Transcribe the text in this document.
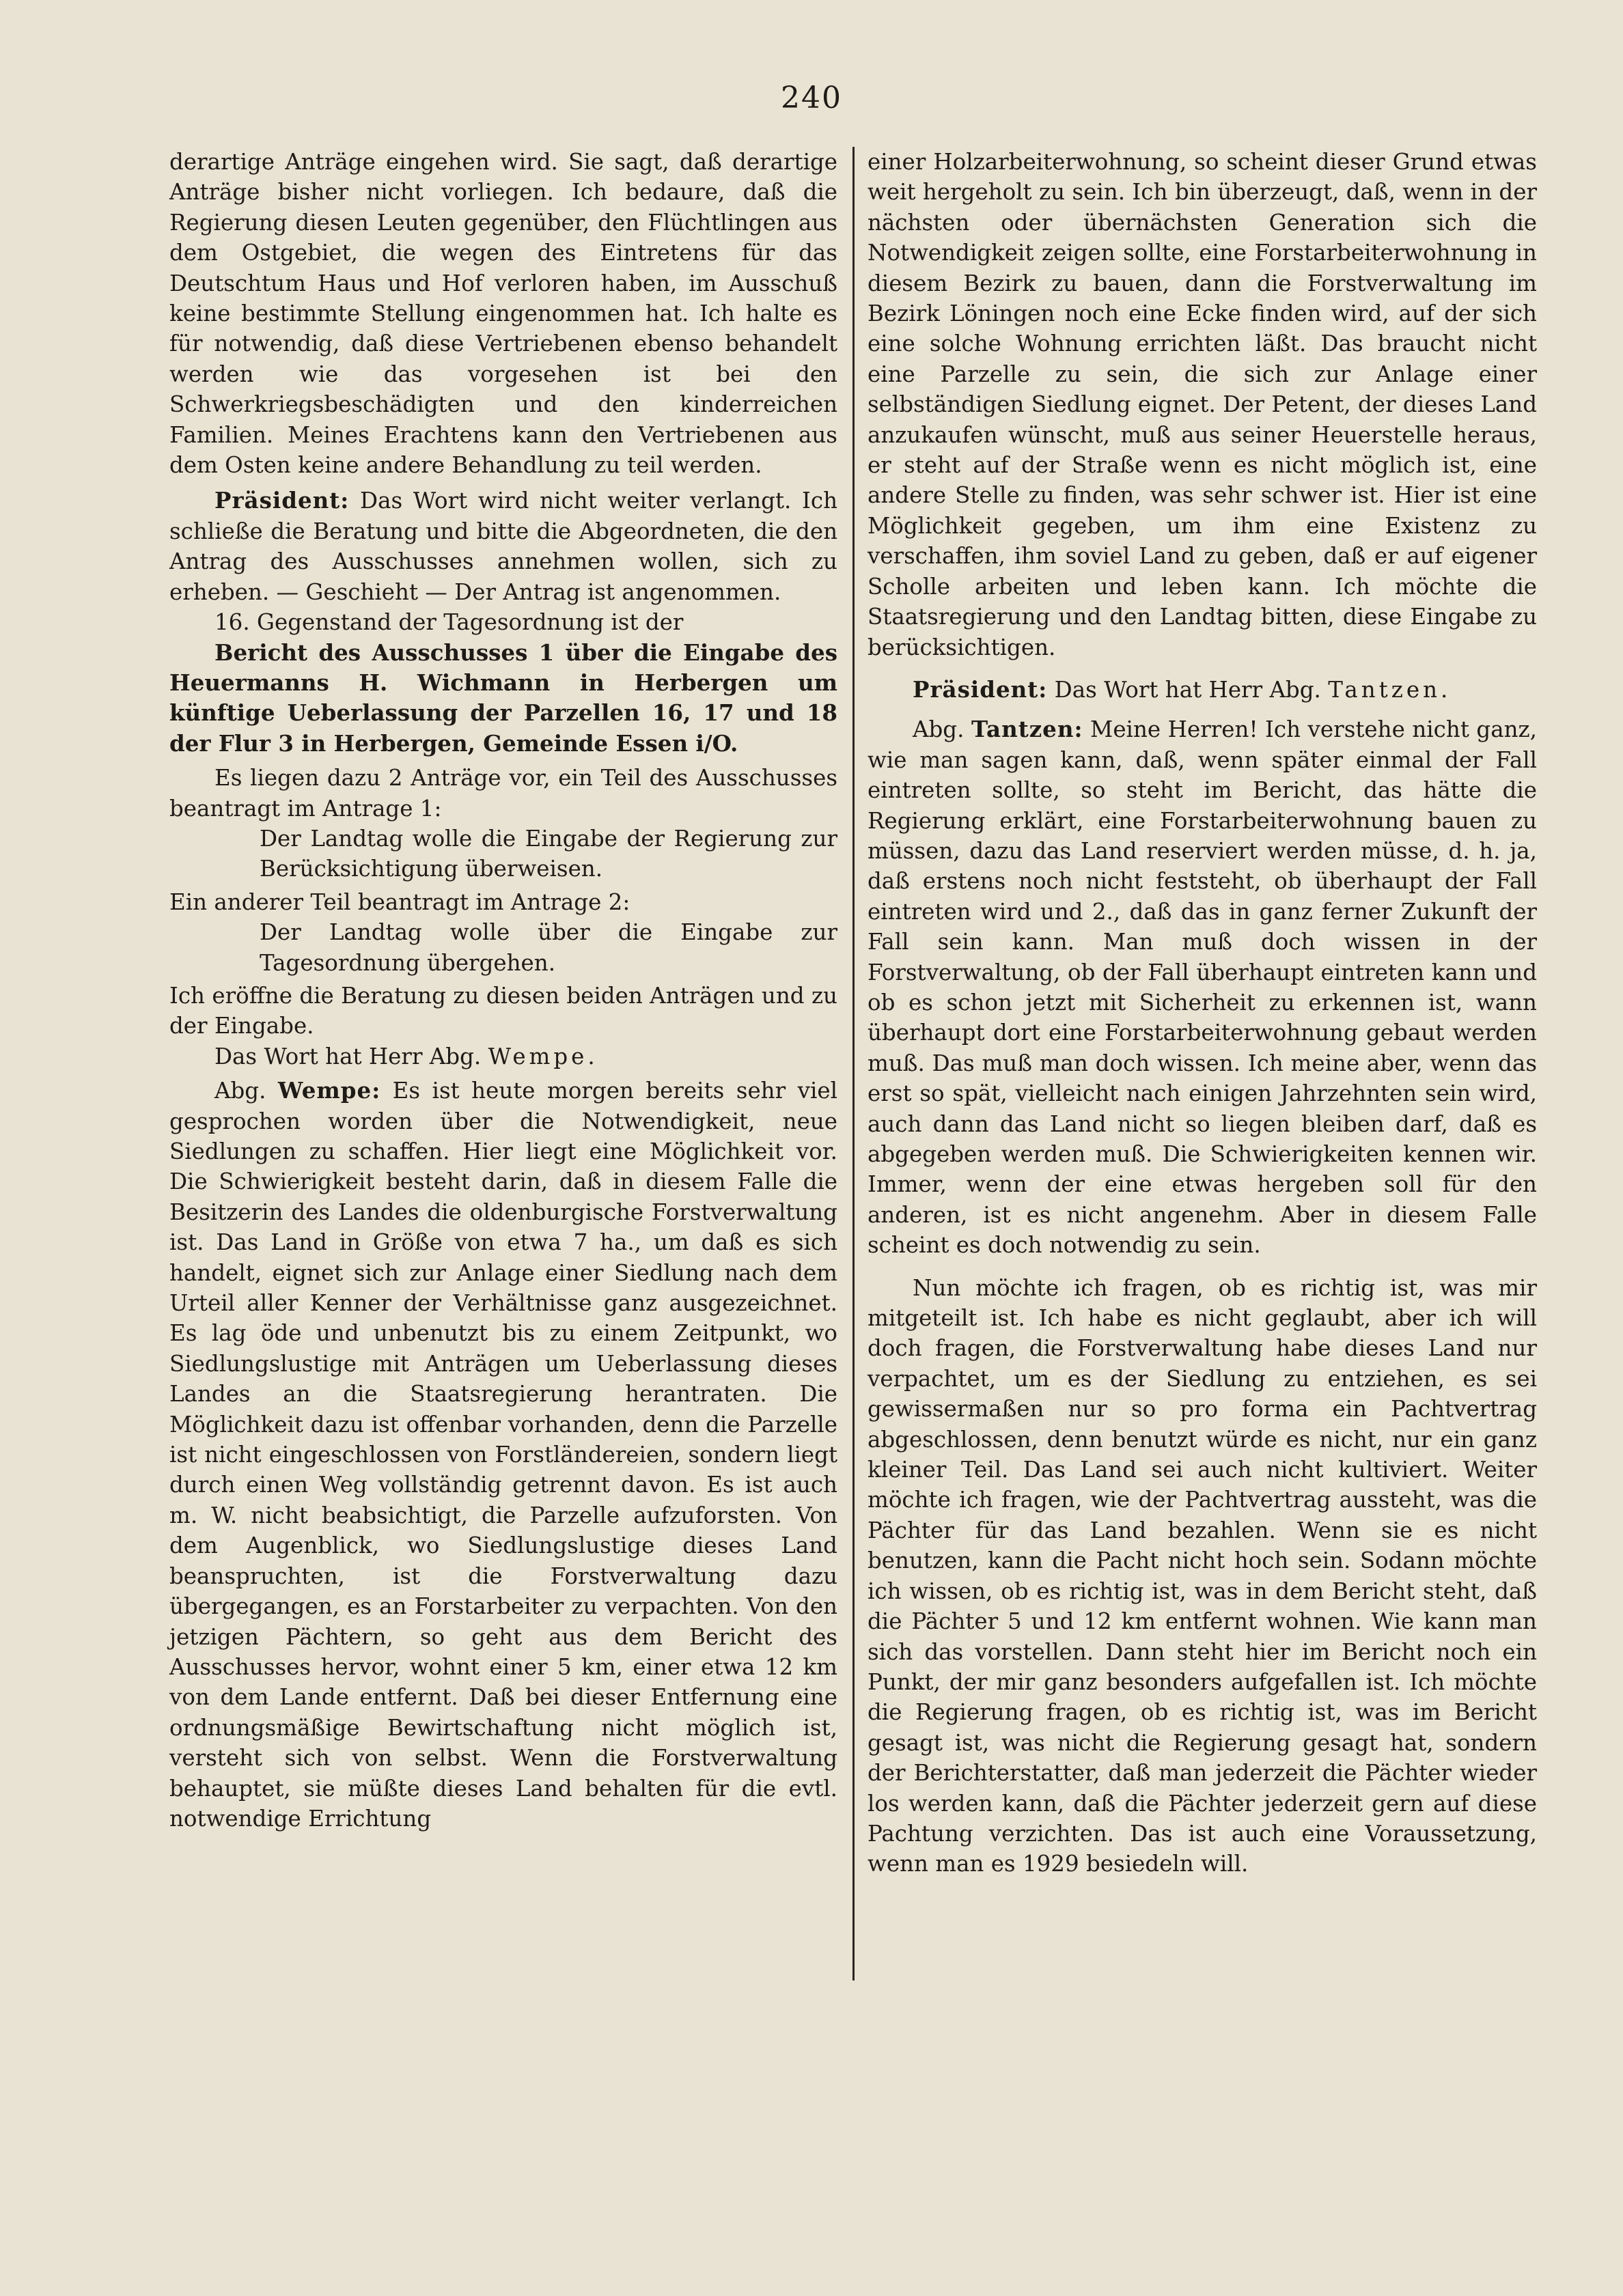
240

derartige Anträge eingehen wird. Sie sagt, daß derartige Anträge bisher nicht vorliegen. Ich bedaure, daß die Regierung diesen Leuten gegenüber, den Flüchtlingen aus dem Ostgebiet, die wegen des Eintretens für das Deutschtum Haus und Hof verloren haben, im Ausschuß keine bestimmte Stellung eingenommen hat. Ich halte es für notwendig, daß diese Vertriebenen ebenso behandelt werden wie das vorgesehen ist bei den Schwerkriegsbeschädigten und den kinderreichen Familien. Meines Erachtens kann den Vertriebenen aus dem Osten keine andere Behandlung zu teil werden.

Präsident: Das Wort wird nicht weiter verlangt. Ich schließe die Beratung und bitte die Abgeordneten, die den Antrag des Ausschusses annehmen wollen, sich zu erheben. — Geschieht — Der Antrag ist angenommen.

16. Gegenstand der Tagesordnung ist der

Bericht des Ausschusses 1 über die Eingabe des Heuermanns H. Wichmann in Herbergen um künftige Ueberlassung der Parzellen 16, 17 und 18 der Flur 3 in Herbergen, Gemeinde Essen i/O.

Es liegen dazu 2 Anträge vor, ein Teil des Ausschusses beantragt im Antrage 1:

Der Landtag wolle die Eingabe der Regierung zur Berücksichtigung überweisen.

Ein anderer Teil beantragt im Antrage 2:

Der Landtag wolle über die Eingabe zur Tagesordnung übergehen.

Ich eröffne die Beratung zu diesen beiden Anträgen und zu der Eingabe.

Das Wort hat Herr Abg. Wempe.

Abg. Wempe: Es ist heute morgen bereits sehr viel gesprochen worden über die Notwendigkeit, neue Siedlungen zu schaffen. Hier liegt eine Möglichkeit vor. Die Schwierigkeit besteht darin, daß in diesem Falle die Besitzerin des Landes die oldenburgische Forstverwaltung ist. Das Land in Größe von etwa 7 ha., um daß es sich handelt, eignet sich zur Anlage einer Siedlung nach dem Urteil aller Kenner der Verhältnisse ganz ausgezeichnet. Es lag öde und unbenutzt bis zu einem Zeitpunkt, wo Siedlungslustige mit Anträgen um Ueberlassung dieses Landes an die Staatsregierung herantraten. Die Möglichkeit dazu ist offenbar vorhanden, denn die Parzelle ist nicht eingeschlossen von Forstländereien, sondern liegt durch einen Weg vollständig getrennt davon. Es ist auch m. W. nicht beabsichtigt, die Parzelle aufzuforsten. Von dem Augenblick, wo Siedlungslustige dieses Land beanspruchten, ist die Forstverwaltung dazu übergegangen, es an Forstarbeiter zu verpachten. Von den jetzigen Pächtern, so geht aus dem Bericht des Ausschusses hervor, wohnt einer 5 km, einer etwa 12 km von dem Lande entfernt. Daß bei dieser Entfernung eine ordnungsmäßige Bewirtschaftung nicht möglich ist, versteht sich von selbst. Wenn die Forstverwaltung behauptet, sie müßte dieses Land behalten für die evtl. notwendige Errichtung

einer Holzarbeiterwohnung, so scheint dieser Grund etwas weit hergeholt zu sein. Ich bin überzeugt, daß, wenn in der nächsten oder übernächsten Generation sich die Notwendigkeit zeigen sollte, eine Forstarbeiterwohnung in diesem Bezirk zu bauen, dann die Forstverwaltung im Bezirk Löningen noch eine Ecke finden wird, auf der sich eine solche Wohnung errichten läßt. Das braucht nicht eine Parzelle zu sein, die sich zur Anlage einer selbständigen Siedlung eignet. Der Petent, der dieses Land anzukaufen wünscht, muß aus seiner Heuerstelle heraus, er steht auf der Straße wenn es nicht möglich ist, eine andere Stelle zu finden, was sehr schwer ist. Hier ist eine Möglichkeit gegeben, um ihm eine Existenz zu verschaffen, ihm soviel Land zu geben, daß er auf eigener Scholle arbeiten und leben kann. Ich möchte die Staatsregierung und den Landtag bitten, diese Eingabe zu berücksichtigen.

Präsident: Das Wort hat Herr Abg. Tantzen.

Abg. Tantzen: Meine Herren! Ich verstehe nicht ganz, wie man sagen kann, daß, wenn später einmal der Fall eintreten sollte, so steht im Bericht, das hätte die Regierung erklärt, eine Forstarbeiterwohnung bauen zu müssen, dazu das Land reserviert werden müsse, d. h. ja, daß erstens noch nicht feststeht, ob überhaupt der Fall eintreten wird und 2., daß das in ganz ferner Zukunft der Fall sein kann. Man muß doch wissen in der Forstverwaltung, ob der Fall überhaupt eintreten kann und ob es schon jetzt mit Sicherheit zu erkennen ist, wann überhaupt dort eine Forstarbeiterwohnung gebaut werden muß. Das muß man doch wissen. Ich meine aber, wenn das erst so spät, vielleicht nach einigen Jahrzehnten sein wird, auch dann das Land nicht so liegen bleiben darf, daß es abgegeben werden muß. Die Schwierigkeiten kennen wir. Immer, wenn der eine etwas hergeben soll für den anderen, ist es nicht angenehm. Aber in diesem Falle scheint es doch notwendig zu sein.

Nun möchte ich fragen, ob es richtig ist, was mir mitgeteilt ist. Ich habe es nicht geglaubt, aber ich will doch fragen, die Forstverwaltung habe dieses Land nur verpachtet, um es der Siedlung zu entziehen, es sei gewissermaßen nur so pro forma ein Pachtvertrag abgeschlossen, denn benutzt würde es nicht, nur ein ganz kleiner Teil. Das Land sei auch nicht kultiviert. Weiter möchte ich fragen, wie der Pachtvertrag aussteht, was die Pächter für das Land bezahlen. Wenn sie es nicht benutzen, kann die Pacht nicht hoch sein. Sodann möchte ich wissen, ob es richtig ist, was in dem Bericht steht, daß die Pächter 5 und 12 km entfernt wohnen. Wie kann man sich das vorstellen. Dann steht hier im Bericht noch ein Punkt, der mir ganz besonders aufgefallen ist. Ich möchte die Regierung fragen, ob es richtig ist, was im Bericht gesagt ist, was nicht die Regierung gesagt hat, sondern der Berichterstatter, daß man jederzeit die Pächter wieder los werden kann, daß die Pächter jederzeit gern auf diese Pachtung verzichten. Das ist auch eine Voraussetzung, wenn man es 1929 besiedeln will.
